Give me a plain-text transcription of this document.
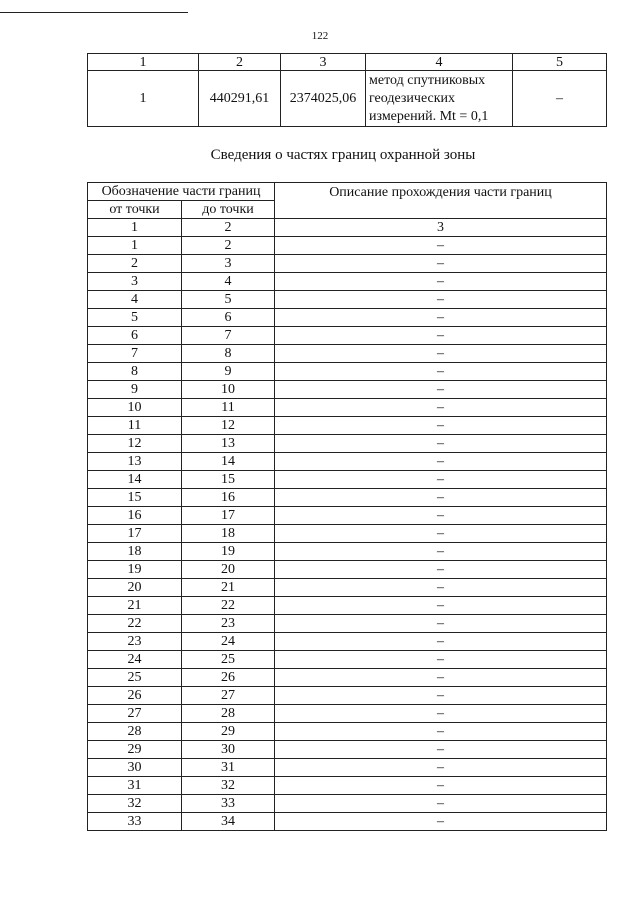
122
1	2	3	4	5
1	440291,61	2374025,06	метод спутниковых
геодезических
измерений. Mt = 0,1	–
Сведения о частях границ охранной зоны
Обозначение части границ		Описание прохождения части границ
от точки	до точки	
1	2	3
1	2	–
2	3	–
3	4	–
4	5	–
5	6	–
6	7	–
7	8	–
8	9	–
9	10	–
10	11	–
11	12	–
12	13	–
13	14	–
14	15	–
15	16	–
16	17	–
17	18	–
18	19	–
19	20	–
20	21	–
21	22	–
22	23	–
23	24	–
24	25	–
25	26	–
26	27	–
27	28	–
28	29	–
29	30	–
30	31	–
31	32	–
32	33	–
33	34	–
